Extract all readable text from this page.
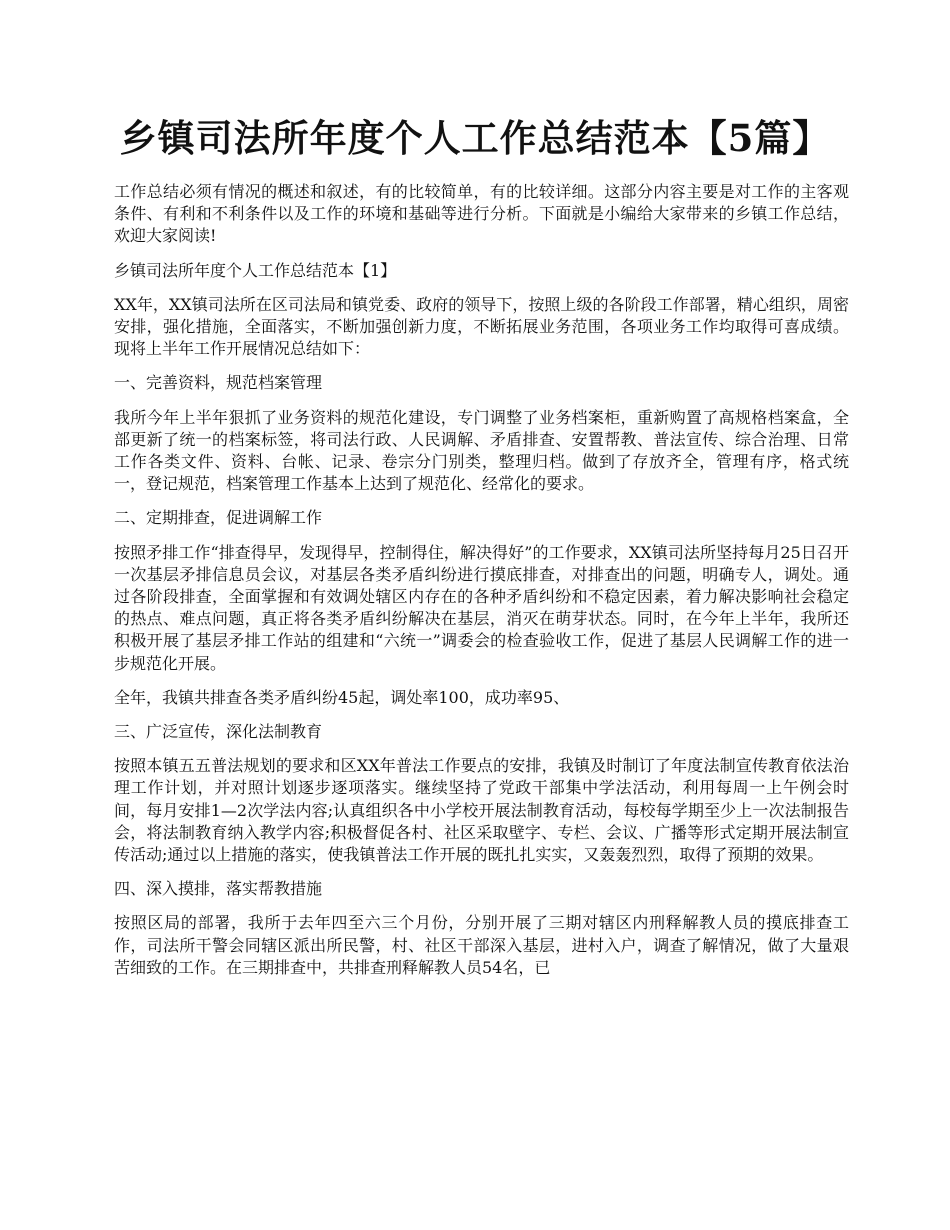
乡镇司法所年度个人工作总结范本【5篇】

工作总结必须有情况的概述和叙述，有的比较简单，有的比较详细。这部分内容主要是对工作的主客观条件、有利和不利条件以及工作的环境和基础等进行分析。下面就是小编给大家带来的乡镇工作总结，欢迎大家阅读!

乡镇司法所年度个人工作总结范本【1】

XX年，XX镇司法所在区司法局和镇党委、政府的领导下，按照上级的各阶段工作部署，精心组织，周密安排，强化措施，全面落实，不断加强创新力度，不断拓展业务范围，各项业务工作均取得可喜成绩。现将上半年工作开展情况总结如下：

一、完善资料，规范档案管理

我所今年上半年狠抓了业务资料的规范化建设，专门调整了业务档案柜，重新购置了高规格档案盒，全部更新了统一的档案标签，将司法行政、人民调解、矛盾排查、安置帮教、普法宣传、综合治理、日常工作各类文件、资料、台帐、记录、卷宗分门别类，整理归档。做到了存放齐全，管理有序，格式统一，登记规范，档案管理工作基本上达到了规范化、经常化的要求。

二、定期排查，促进调解工作

按照矛排工作“排查得早，发现得早，控制得住，解决得好”的工作要求，XX镇司法所坚持每月25日召开一次基层矛排信息员会议，对基层各类矛盾纠纷进行摸底排查，对排查出的问题，明确专人，调处。通过各阶段排查，全面掌握和有效调处辖区内存在的各种矛盾纠纷和不稳定因素，着力解决影响社会稳定的热点、难点问题，真正将各类矛盾纠纷解决在基层，消灭在萌芽状态。同时，在今年上半年，我所还积极开展了基层矛排工作站的组建和“六统一”调委会的检查验收工作，促进了基层人民调解工作的进一步规范化开展。

全年，我镇共排查各类矛盾纠纷45起，调处率100，成功率95、

三、广泛宣传，深化法制教育

按照本镇五五普法规划的要求和区XX年普法工作要点的安排，我镇及时制订了年度法制宣传教育依法治理工作计划，并对照计划逐步逐项落实。继续坚持了党政干部集中学法活动，利用每周一上午例会时间，每月安排1—2次学法内容;认真组织各中小学校开展法制教育活动，每校每学期至少上一次法制报告会，将法制教育纳入教学内容;积极督促各村、社区采取壁字、专栏、会议、广播等形式定期开展法制宣传活动;通过以上措施的落实，使我镇普法工作开展的既扎扎实实，又轰轰烈烈，取得了预期的效果。

四、深入摸排，落实帮教措施

按照区局的部署，我所于去年四至六三个月份，分别开展了三期对辖区内刑释解教人员的摸底排查工作，司法所干警会同辖区派出所民警，村、社区干部深入基层，进村入户，调查了解情况，做了大量艰苦细致的工作。在三期排查中，共排查刑释解教人员54名，已
